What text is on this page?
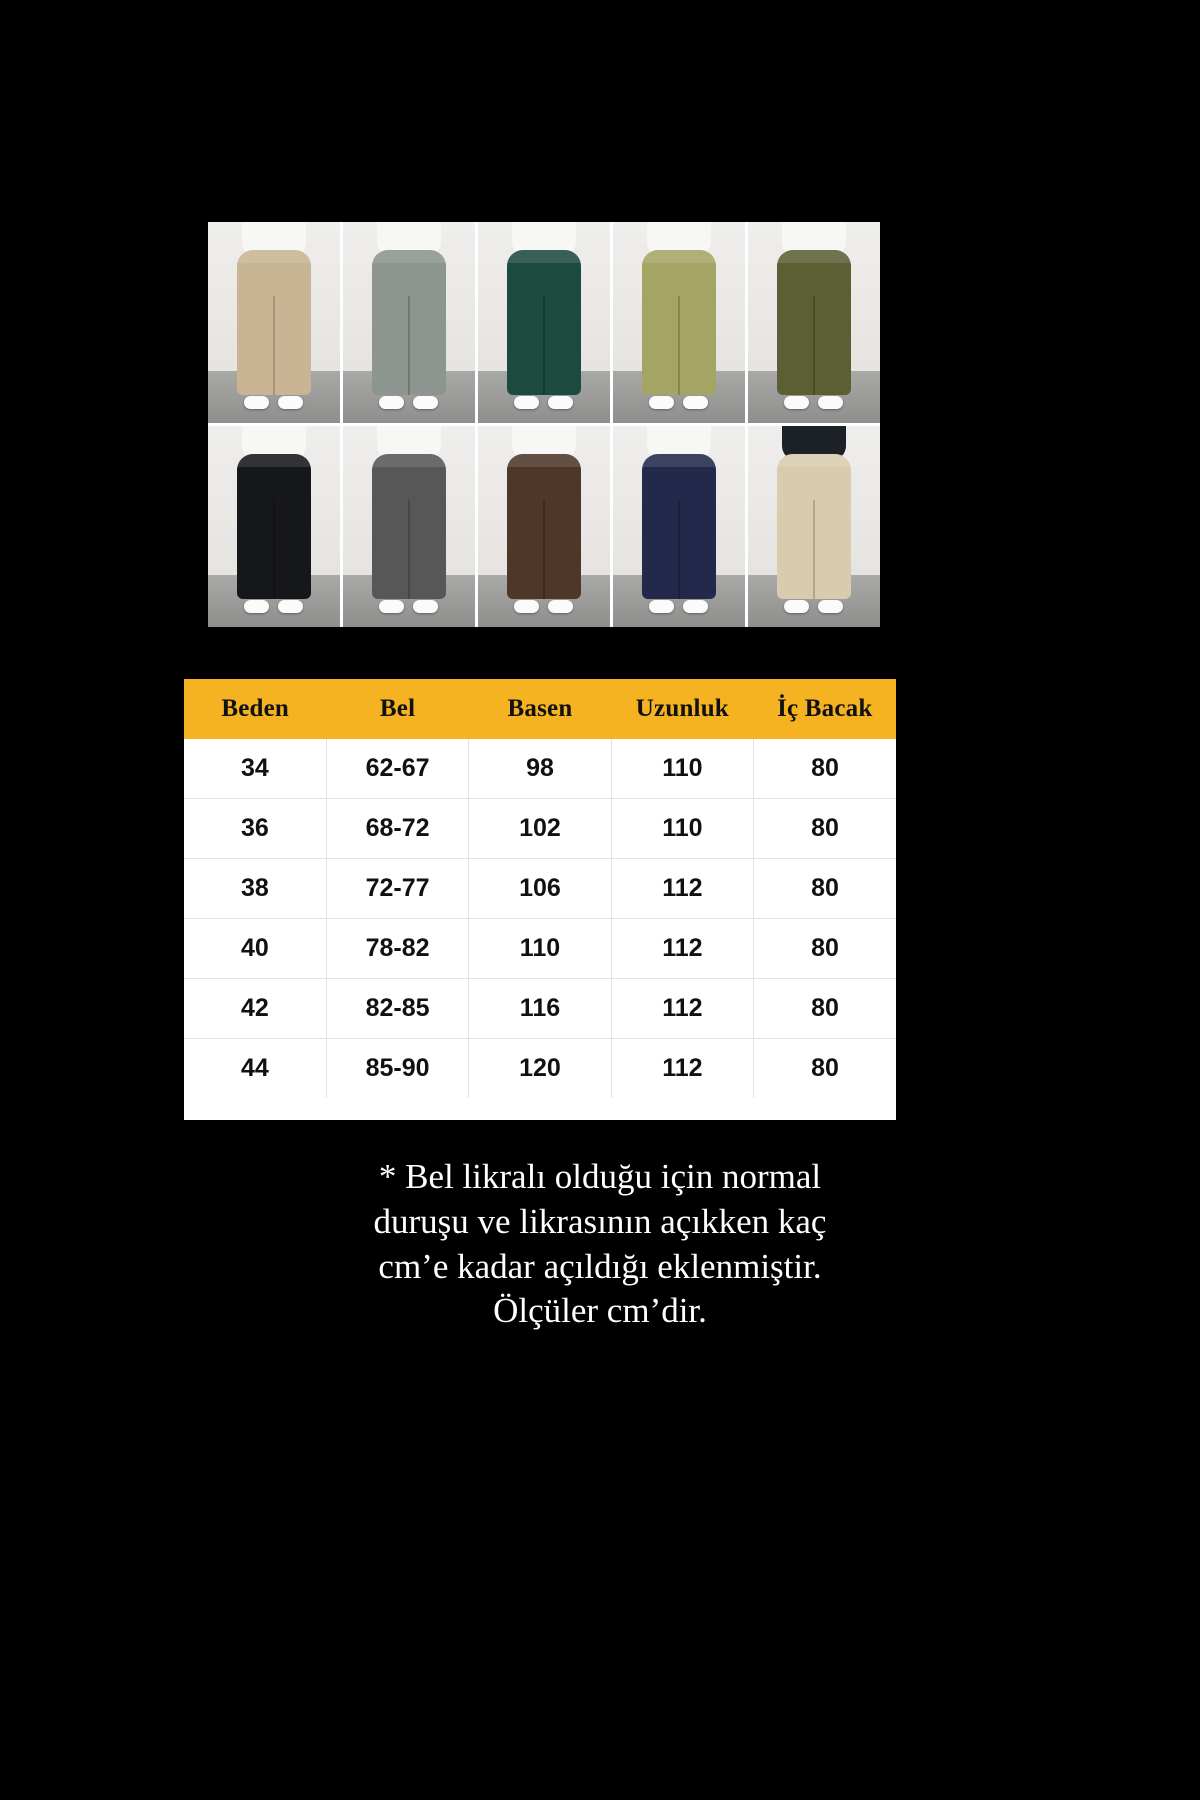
Beden	Bel	Basen	Uzunluk	İç Bacak
34	62-67	98	110	80
36	68-72	102	110	80
38	72-77	106	112	80
40	78-82	110	112	80
42	82-85	116	112	80
44	85-90	120	112	80
* Bel likralı olduğu için normal
duruşu ve likrasının açıkken kaç
cm’e kadar açıldığı eklenmiştir.
Ölçüler cm’dir.
